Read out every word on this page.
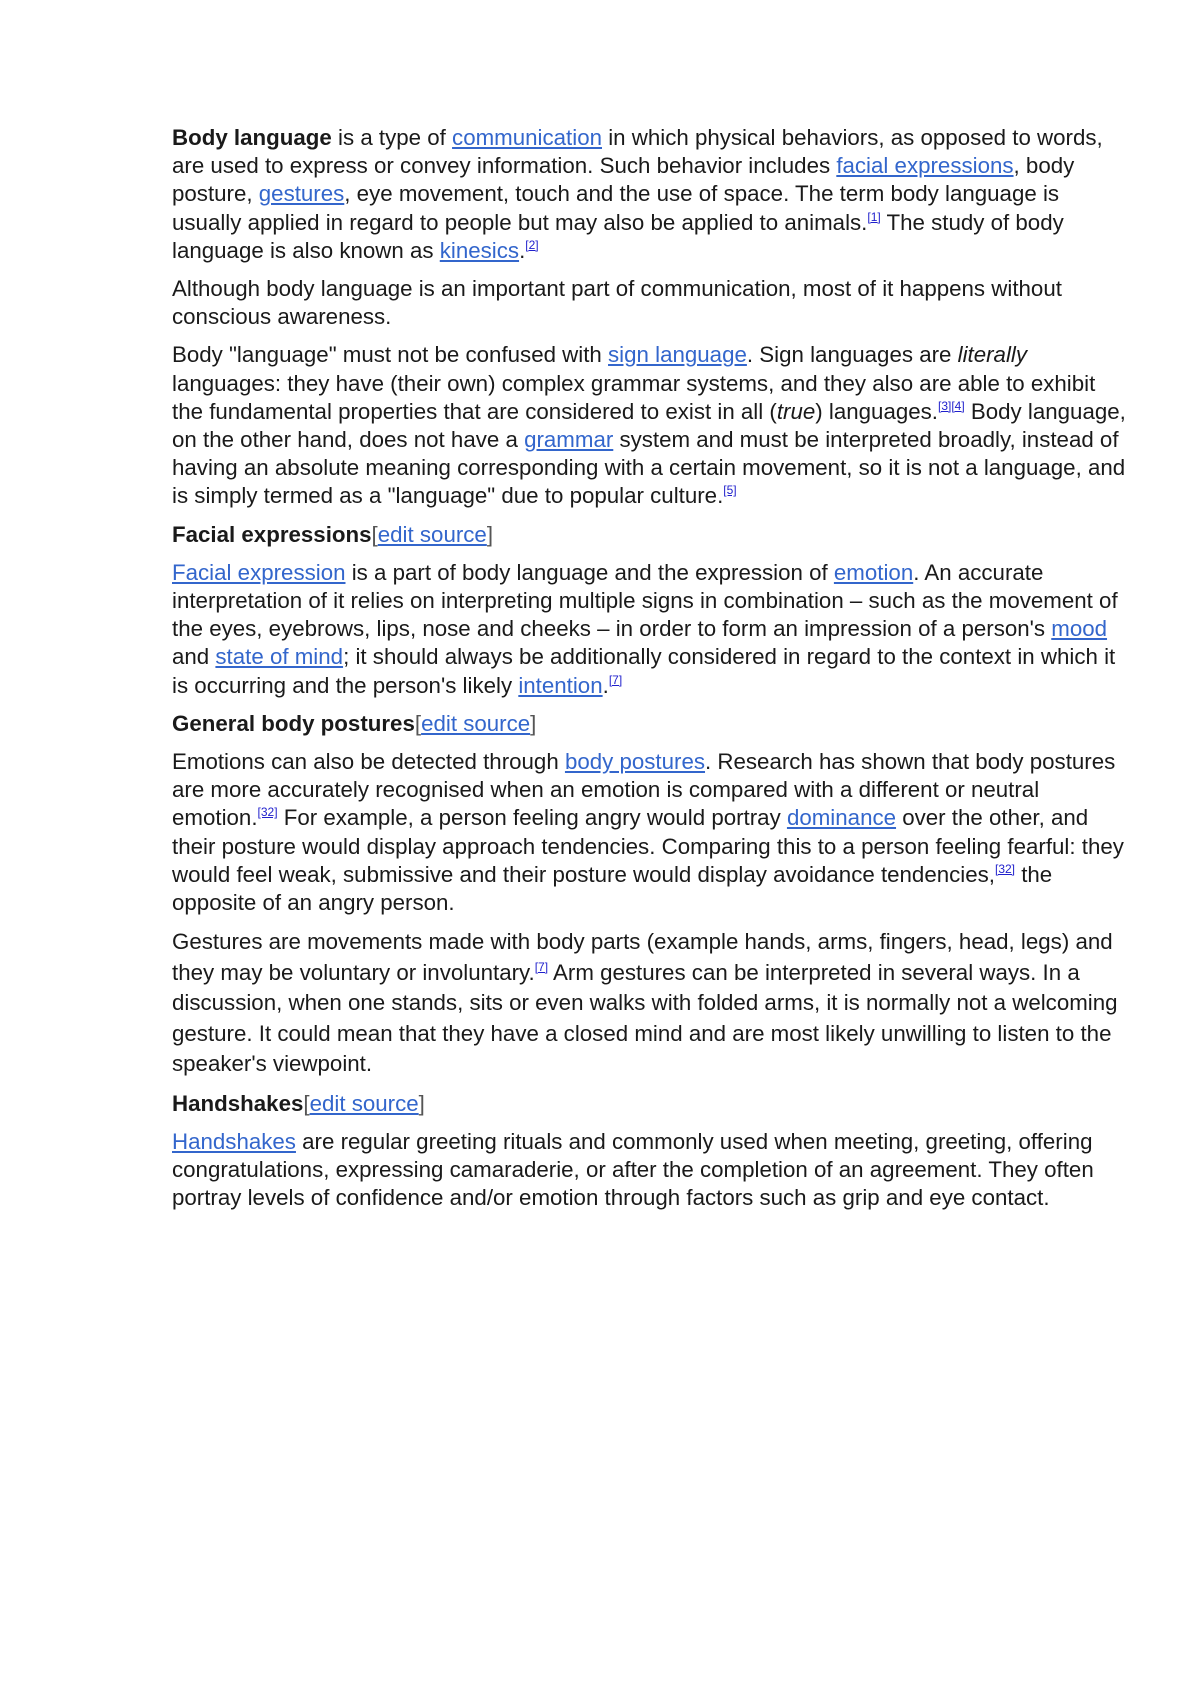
Body language is a type of communication in which physical behaviors, as opposed to words, are used to express or convey information. Such behavior includes facial expressions, body posture, gestures, eye movement, touch and the use of space. The term body language is usually applied in regard to people but may also be applied to animals.[1] The study of body language is also known as kinesics.[2]

Although body language is an important part of communication, most of it happens without conscious awareness.

Body "language" must not be confused with sign language. Sign languages are literally languages: they have (their own) complex grammar systems, and they also are able to exhibit the fundamental properties that are considered to exist in all (true) languages.[3][4] Body language, on the other hand, does not have a grammar system and must be interpreted broadly, instead of having an absolute meaning corresponding with a certain movement, so it is not a language, and is simply termed as a "language" due to popular culture.[5]

Facial expressions[edit source]

Facial expression is a part of body language and the expression of emotion. An accurate interpretation of it relies on interpreting multiple signs in combination – such as the movement of the eyes, eyebrows, lips, nose and cheeks – in order to form an impression of a person's mood and state of mind; it should always be additionally considered in regard to the context in which it is occurring and the person's likely intention.[7]

General body postures[edit source]

Emotions can also be detected through body postures. Research has shown that body postures are more accurately recognised when an emotion is compared with a different or neutral emotion.[32] For example, a person feeling angry would portray dominance over the other, and their posture would display approach tendencies. Comparing this to a person feeling fearful: they would feel weak, submissive and their posture would display avoidance tendencies,[32] the opposite of an angry person.

Gestures are movements made with body parts (example hands, arms, fingers, head, legs) and they may be voluntary or involuntary.[7] Arm gestures can be interpreted in several ways. In a discussion, when one stands, sits or even walks with folded arms, it is normally not a welcoming gesture. It could mean that they have a closed mind and are most likely unwilling to listen to the speaker's viewpoint.

Handshakes[edit source]

Handshakes are regular greeting rituals and commonly used when meeting, greeting, offering congratulations, expressing camaraderie, or after the completion of an agreement. They often portray levels of confidence and/or emotion through factors such as grip and eye contact.
